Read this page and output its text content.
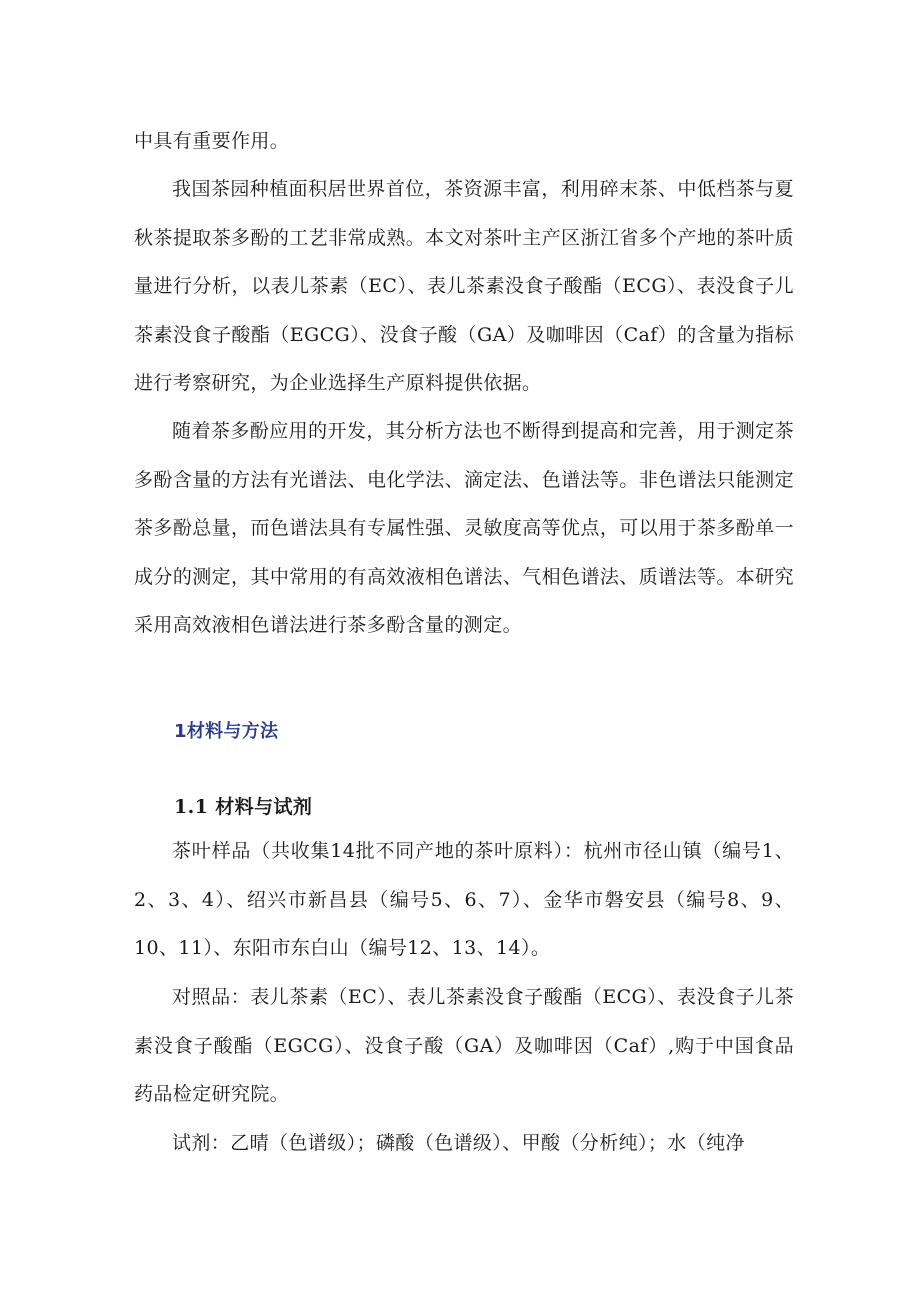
中具有重要作用。

我国茶园种植面积居世界首位，茶资源丰富，利用碎末茶、中低档茶与夏秋茶提取茶多酚的工艺非常成熟。本文对茶叶主产区浙江省多个产地的茶叶质量进行分析，以表儿茶素（EC）、表儿茶素没食子酸酯（ECG）、表没食子儿茶素没食子酸酯（EGCG）、没食子酸（GA）及咖啡因（Caf）的含量为指标进行考察研究，为企业选择生产原料提供依据。

随着茶多酚应用的开发，其分析方法也不断得到提高和完善，用于测定茶多酚含量的方法有光谱法、电化学法、滴定法、色谱法等。非色谱法只能测定茶多酚总量，而色谱法具有专属性强、灵敏度高等优点，可以用于茶多酚单一成分的测定，其中常用的有高效液相色谱法、气相色谱法、质谱法等。本研究采用高效液相色谱法进行茶多酚含量的测定。

1材料与方法
1.1 材料与试剂

茶叶样品（共收集14批不同产地的茶叶原料）：杭州市径山镇（编号1、2、3、4）、绍兴市新昌县（编号5、6、7）、金华市磐安县（编号8、9、10、11）、东阳市东白山（编号12、13、14）。

对照品：表儿茶素（EC）、表儿茶素没食子酸酯（ECG）、表没食子儿茶素没食子酸酯（EGCG）、没食子酸（GA）及咖啡因（Caf）,购于中国食品药品检定研究院。

试剂：乙晴（色谱级）；磷酸（色谱级）、甲酸（分析纯）；水（纯净
